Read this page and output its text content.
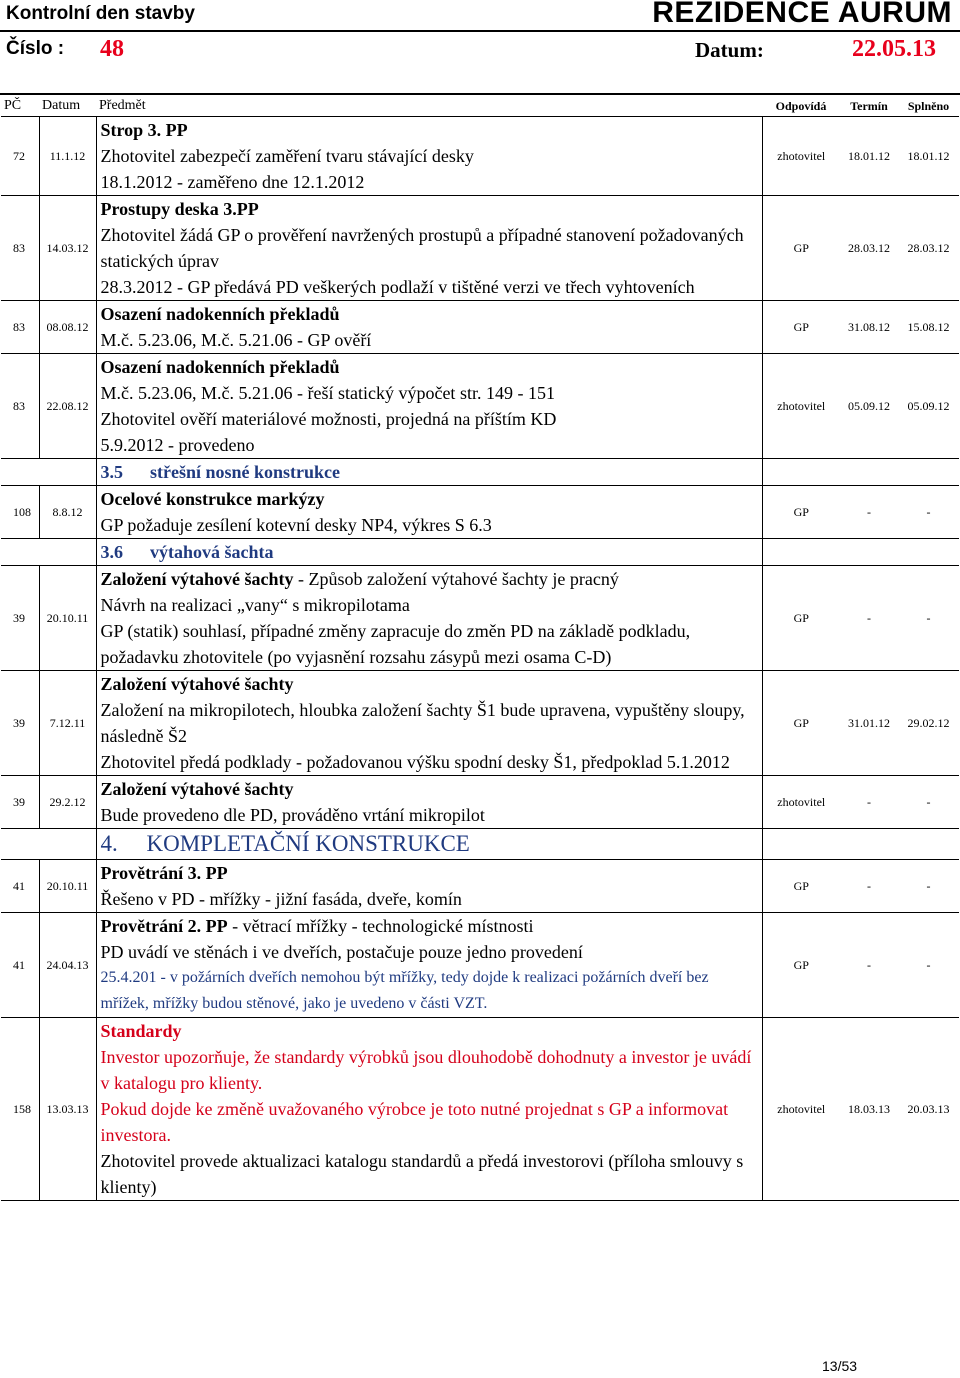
Kontrolní den stavby	REZIDENCE AURUM
Číslo : 48	Datum:	22.05.13
PČ	Datum	Předmět	Odpovídá	Termín	Splněno
72	11.1.12	Strop 3. PP
Zhotovitel zabezpečí zaměření tvaru stávající desky
18.1.2012 - zaměřeno dne 12.1.2012	zhotovitel	18.01.12	18.01.12
83	14.03.12	Prostupy deska 3.PP
Zhotovitel žádá GP o prověření navržených prostupů a případné stanovení požadovaných statických úprav
28.3.2012 - GP předává PD veškerých podlaží v tištěné verzi ve třech vyhtoveních	GP	28.03.12	28.03.12
83	08.08.12	Osazení nadokenních překladů
M.č. 5.23.06, M.č. 5.21.06 - GP ověří	GP	31.08.12	15.08.12
83	22.08.12	Osazení nadokenních překladů
M.č. 5.23.06, M.č. 5.21.06 - řeší statický výpočet str. 149 - 151
Zhotovitel ověří materiálové možnosti, projedná na příštím KD
5.9.2012 - provedeno	zhotovitel	05.09.12	05.09.12
		3.5      střešní nosné konstrukce			
108	8.8.12	Ocelové konstrukce markýzy
GP požaduje zesílení kotevní desky NP4, výkres S 6.3	GP	-	-
		3.6      výtahová šachta			
39	20.10.11	Založení výtahové šachty - Způsob založení výtahové šachty je pracný
Návrh na realizaci „vany“ s mikropilotama
GP (statik) souhlasí, případné změny zapracuje do změn PD na základě podkladu, požadavku zhotovitele (po vyjasnění rozsahu zásypů mezi osama C-D)	GP	-	-
39	7.12.11	Založení výtahové šachty
Založení na mikropilotech, hloubka založení šachty Š1 bude upravena, vypuštěny sloupy, následně Š2
Zhotovitel předá podklady - požadovanou výšku spodní desky Š1, předpoklad 5.1.2012	GP	31.01.12	29.02.12
39	29.2.12	Založení výtahové šachty
Bude provedeno dle PD, prováděno vrtání mikropilot	zhotovitel	-	-
		4.     KOMPLETAČNÍ KONSTRUKCE			
41	20.10.11	Provětrání 3. PP
Řešeno v PD - mřížky - jižní fasáda, dveře, komín	GP	-	-
41	24.04.13	Provětrání 2. PP - větrací mřížky - technologické místnosti
PD uvádí ve stěnách i ve dveřích, postačuje pouze jedno provedení
25.4.201 - v požárních dveřích nemohou být mřížky, tedy dojde k realizaci požárních dveří bez mřížek, mřížky budou stěnové, jako je uvedeno v části VZT.	GP	-	-
158	13.03.13	Standardy
Investor upozorňuje, že standardy výrobků jsou dlouhodobě dohodnuty a investor je uvádí v katalogu pro klienty.
Pokud dojde ke změně uvažovaného výrobce je toto nutné projednat s GP a informovat investora.
Zhotovitel provede aktualizaci katalogu standardů a předá investorovi (příloha smlouvy s klienty)	zhotovitel	18.03.13	20.03.13
13/53
